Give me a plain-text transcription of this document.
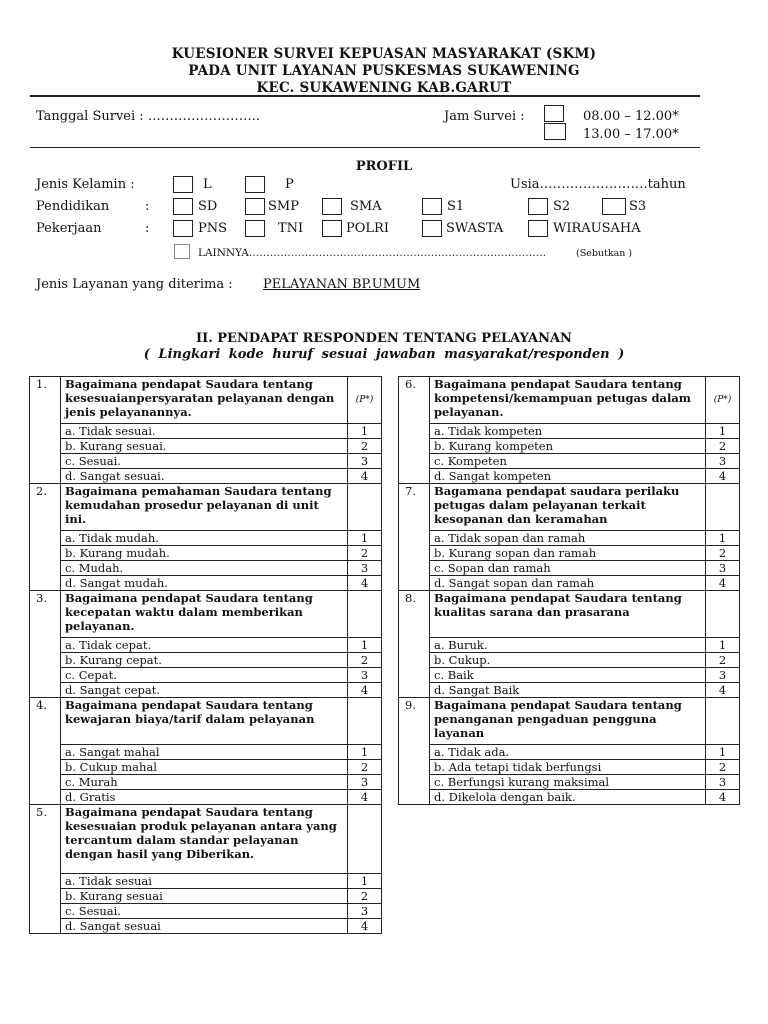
KUESIONER SURVEI KEPUASAN MASYARAKAT (SKM)
PADA UNIT LAYANAN PUSKESMAS SUKAWENING
KEC. SUKAWENING KAB.GARUT
Tanggal Survei : ……………………..	Jam Survei :	08.00 – 12.00*
13.00 – 17.00*
PROFIL
Jenis Kelamin :	L	P	Usia…………………….tahun
Pendidikan	:	SD	SMP	SMA	S1	S2	S3
Pekerjaan	:	PNS	TNI	POLRI	SWASTA	WIRAUSAHA
LAINNYA………………………………………………………………………….	(Sebutkan )
Jenis Layanan yang diterima : PELAYANAN BP.UMUM
II. PENDAPAT RESPONDEN TENTANG PELAYANAN
( Lingkari kode huruf sesuai jawaban masyarakat/responden )
1.	Bagaimana pendapat Saudara tentang kesesuaianpersyaratan pelayanan dengan jenis pelayanannya.	(P*)
	a. Tidak sesuai.	1
	b. Kurang sesuai.	2
	c. Sesuai.	3
	d. Sangat sesuai.	4
2.	Bagaimana pemahaman Saudara tentang kemudahan prosedur pelayanan di unit ini.	
	a. Tidak mudah.	1
	b. Kurang mudah.	2
	c. Mudah.	3
	d. Sangat mudah.	4
3.	Bagaimana pendapat Saudara tentang kecepatan waktu dalam memberikan pelayanan.	
	a. Tidak cepat.	1
	b. Kurang cepat.	2
	c. Cepat.	3
	d. Sangat cepat.	4
4.	Bagaimana pendapat Saudara tentang kewajaran biaya/tarif dalam pelayanan	
	a. Sangat mahal	1
	b. Cukup mahal	2
	c. Murah	3
	d. Gratis	4
5.	Bagaimana pendapat Saudara tentang kesesuaian produk pelayanan antara yang tercantum dalam standar pelayanan dengan hasil yang Diberikan.	
	a. Tidak sesuai	1
	b. Kurang sesuai	2
	c. Sesuai.	3
	d. Sangat sesuai	4
6.	Bagaimana pendapat Saudara tentang kompetensi/kemampuan petugas dalam pelayanan.	(P*)
	a. Tidak kompeten	1
	b. Kurang kompeten	2
	c. Kompeten	3
	d. Sangat kompeten	4
7.	Bagamana pendapat saudara perilaku petugas dalam pelayanan terkait kesopanan dan keramahan	
	a. Tidak sopan dan ramah	1
	b. Kurang sopan dan ramah	2
	c. Sopan dan ramah	3
	d. Sangat sopan dan ramah	4
8.	Bagaimana pendapat Saudara tentang kualitas sarana dan prasarana	
	a. Buruk.	1
	b. Cukup.	2
	c. Baik	3
	d. Sangat Baik	4
9.	Bagaimana pendapat Saudara tentang penanganan pengaduan pengguna layanan	
	a. Tidak ada.	1
	b. Ada tetapi tidak berfungsi	2
	c. Berfungsi kurang maksimal	3
	d. Dikelola dengan baik.	4
